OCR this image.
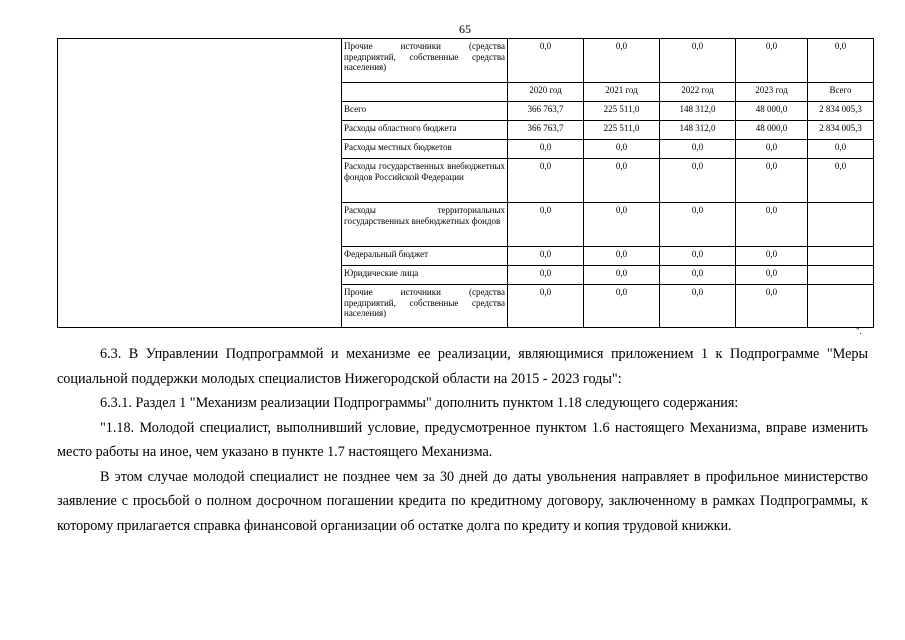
65
	Прочие источники (средства предприятий, собственные средства населения)	0,0	0,0	0,0	0,0	0,0
		2020 год	2021 год	2022 год	2023 год	Всего
	Всего	366 763,7	225 511,0	148 312,0	48 000,0	2 834 005,3
	Расходы областного бюджета	366 763,7	225 511,0	148 312,0	48 000,0	2 834 005,3
	Расходы местных бюджетов	0,0	0,0	0,0	0,0	0,0
	Расходы государственных внебюджетных фондов Российской Федерации	0,0	0,0	0,0	0,0	0,0
	Расходы территориальных государственных внебюджетных фондов	0,0	0,0	0,0	0,0	
	Федеральный бюджет	0,0	0,0	0,0	0,0	
	Юридические лица	0,0	0,0	0,0	0,0	
	Прочие источники (средства предприятий, собственные средства населения)	0,0	0,0	0,0	0,0	
".

6.3. В Управлении Подпрограммой и механизме ее реализации, являющимися приложением 1 к Подпрограмме "Меры социальной поддержки молодых специалистов Нижегородской области на 2015 - 2023 годы":

6.3.1. Раздел 1 "Механизм реализации Подпрограммы" дополнить пунктом 1.18 следующего содержания:

"1.18. Молодой специалист, выполнивший условие, предусмотренное пунктом 1.6 настоящего Механизма, вправе изменить место работы на иное, чем указано в пункте 1.7 настоящего Механизма.

В этом случае молодой специалист не позднее чем за 30 дней до даты увольнения направляет в профильное министерство заявление с просьбой о полном досрочном погашении кредита по кредитному договору, заключенному в рамках Подпрограммы, к которому прилагается справка финансовой организации об остатке долга по кредиту и копия трудовой книжки.
